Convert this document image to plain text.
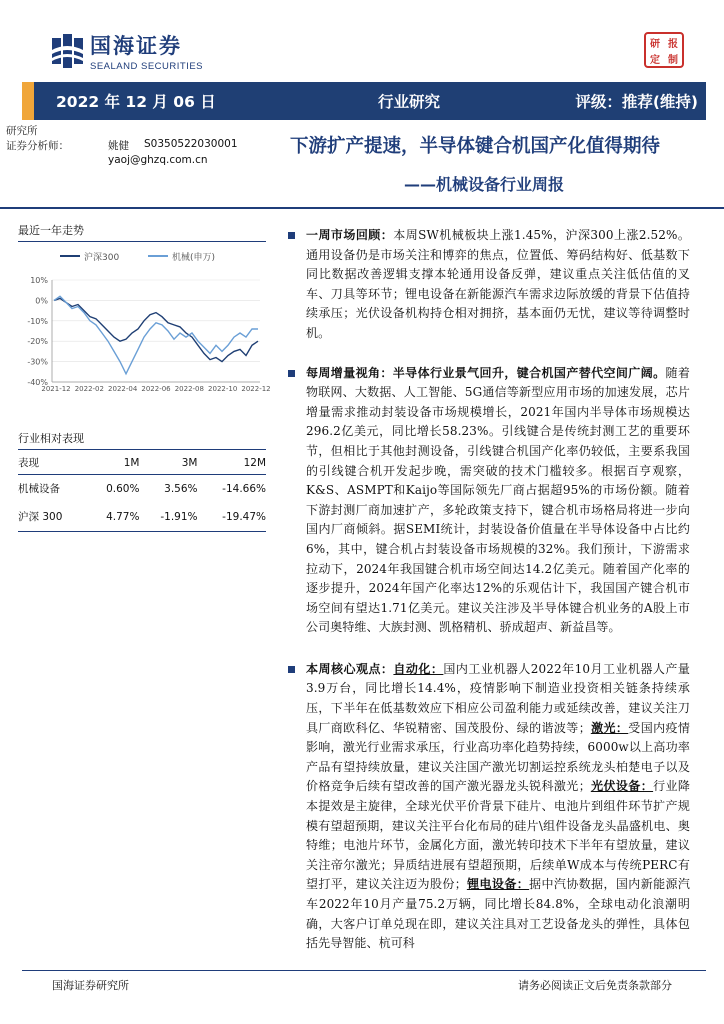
国海证券
SEALAND SECURITIES
研 报
定 制
2022 年 12 月 06 日	行业研究	评级：推荐(维持)
研究所
证券分析师：	姚健 S0350522030001
yaoj@ghzq.com.cn
下游扩产提速，半导体键合机国产化值得期待
——机械设备行业周报
最近一年走势
沪深300	机械(申万)
10%
0%
-10%
-20%
-30%
-40%
2021-12 2022-02 2022-04 2022-06 2022-08 2022-10 2022-12
行业相对表现
表现	1M	3M	12M
机械设备	0.60%	3.56%	-14.66%
沪深 300	4.77%	-1.91%	-19.47%
一周市场回顾：本周SW机械板块上涨1.45%，沪深300上涨2.52%。通用设备仍是市场关注和博弈的焦点，位置低、筹码结构好、低基数下同比数据改善逻辑支撑本轮通用设备反弹，建议重点关注低估值的叉车、刀具等环节；锂电设备在新能源汽车需求边际放缓的背景下估值持续承压；光伏设备机构持仓相对拥挤，基本面仍无忧，建议等待调整时机。
每周增量视角：半导体行业景气回升，键合机国产替代空间广阔。随着物联网、大数据、人工智能、5G通信等新型应用市场的加速发展，芯片增量需求推动封装设备市场规模增长，2021年国内半导体市场规模达296.2亿美元，同比增长58.23%。引线键合是传统封测工艺的重要环节，但相比于其他封测设备，引线键合机国产化率仍较低，主要系我国的引线键合机开发起步晚，需突破的技术门槛较多。根据百亨观察，K&S、ASMPT和Kaijo等国际领先厂商占据超95%的市场份额。随着下游封测厂商加速扩产，多轮政策支持下，键合机市场格局将进一步向国内厂商倾斜。据SEMI统计，封装设备价值量在半导体设备中占比约6%，其中，键合机占封装设备市场规模的32%。我们预计，下游需求拉动下，2024年我国键合机市场空间达14.2亿美元。随着国产化率的逐步提升，2024年国产化率达12%的乐观估计下，我国国产键合机市场空间有望达1.71亿美元。建议关注涉及半导体键合机业务的A股上市公司奥特维、大族封测、凯格精机、骄成超声、新益昌等。
本周核心观点：自动化：国内工业机器人2022年10月工业机器人产量3.9万台，同比增长14.4%，疫情影响下制造业投资相关链条持续承压，下半年在低基数效应下相应公司盈利能力或延续改善，建议关注刀具厂商欧科亿、华锐精密、国茂股份、绿的谐波等；激光：受国内疫情影响，激光行业需求承压，行业高功率化趋势持续，6000w以上高功率产品有望持续放量，建议关注国产激光切割运控系统龙头柏楚电子以及价格竞争后续有望改善的国产激光器龙头锐科激光；光伏设备：行业降本提效是主旋律，全球光伏平价背景下硅片、电池片到组件环节扩产规模有望超预期，建议关注平台化布局的硅片\组件设备龙头晶盛机电、奥特维；电池片环节，金属化方面，激光转印技术下半年有望放量，建议关注帝尔激光；异质结进展有望超预期，后续单W成本与传统PERC有望打平，建议关注迈为股份；锂电设备：据中汽协数据，国内新能源汽车2022年10月产量75.2万辆，同比增长84.8%，全球电动化浪潮明确，大客户订单兑现在即，建议关注具对工艺设备龙头的弹性，具体包括先导智能、杭可科
国海证券研究所	请务必阅读正文后免责条款部分
